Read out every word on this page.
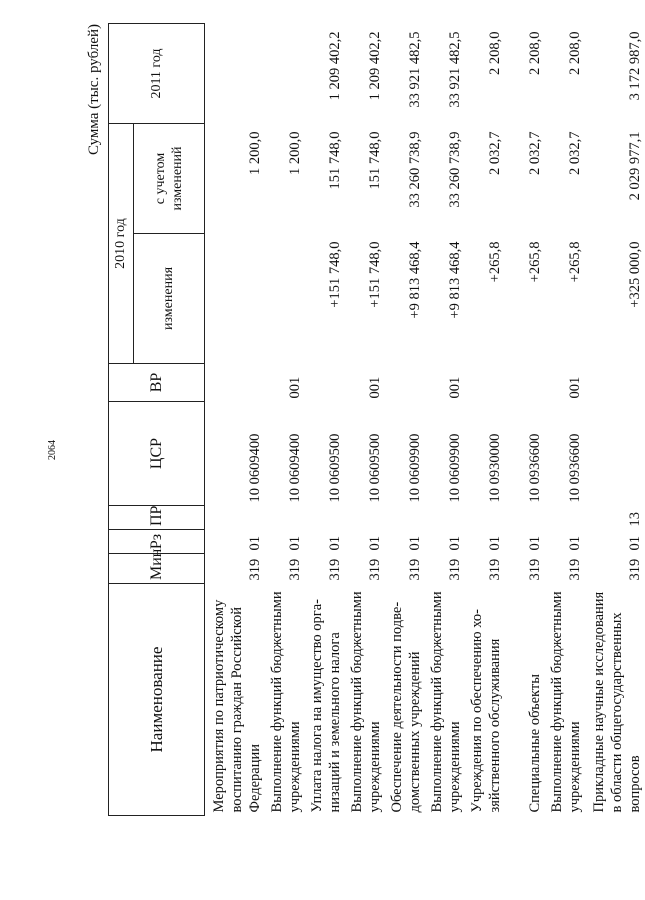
2064
Сумма (тыс. рублей)
Наименование	Мин	Рз	ПР	ЦСР	ВР	2010 год		2011 год
						изменения	с учетом изменений	
Мероприятия по патриотическому воспитанию граждан Российской Федерации	319	01		10 0609400			1 200,0	
Выполнение функций бюджетными учреждениями	319	01		10 0609400	001		1 200,0	
Уплата налога на имущество орга-низаций и земельного налога	319	01		10 0609500		+151 748,0	151 748,0	1 209 402,2
Выполнение функций бюджетными учреждениями	319	01		10 0609500	001	+151 748,0	151 748,0	1 209 402,2
Обеспечение деятельности подве-домственных учреждений	319	01		10 0609900		+9 813 468,4	33 260 738,9	33 921 482,5
Выполнение функций бюджетными учреждениями	319	01		10 0609900	001	+9 813 468,4	33 260 738,9	33 921 482,5
Учреждения по обеспечению хо-зяйственного обслуживания	319	01		10 0930000		+265,8	2 032,7	2 208,0
Специальные объекты	319	01		10 0936600		+265,8	2 032,7	2 208,0
Выполнение функций бюджетными учреждениями	319	01		10 0936600	001	+265,8	2 032,7	2 208,0
Прикладные научные исследования в области общегосударственных вопросов	319	01	13			+325 000,0	2 029 977,1	3 172 987,0
